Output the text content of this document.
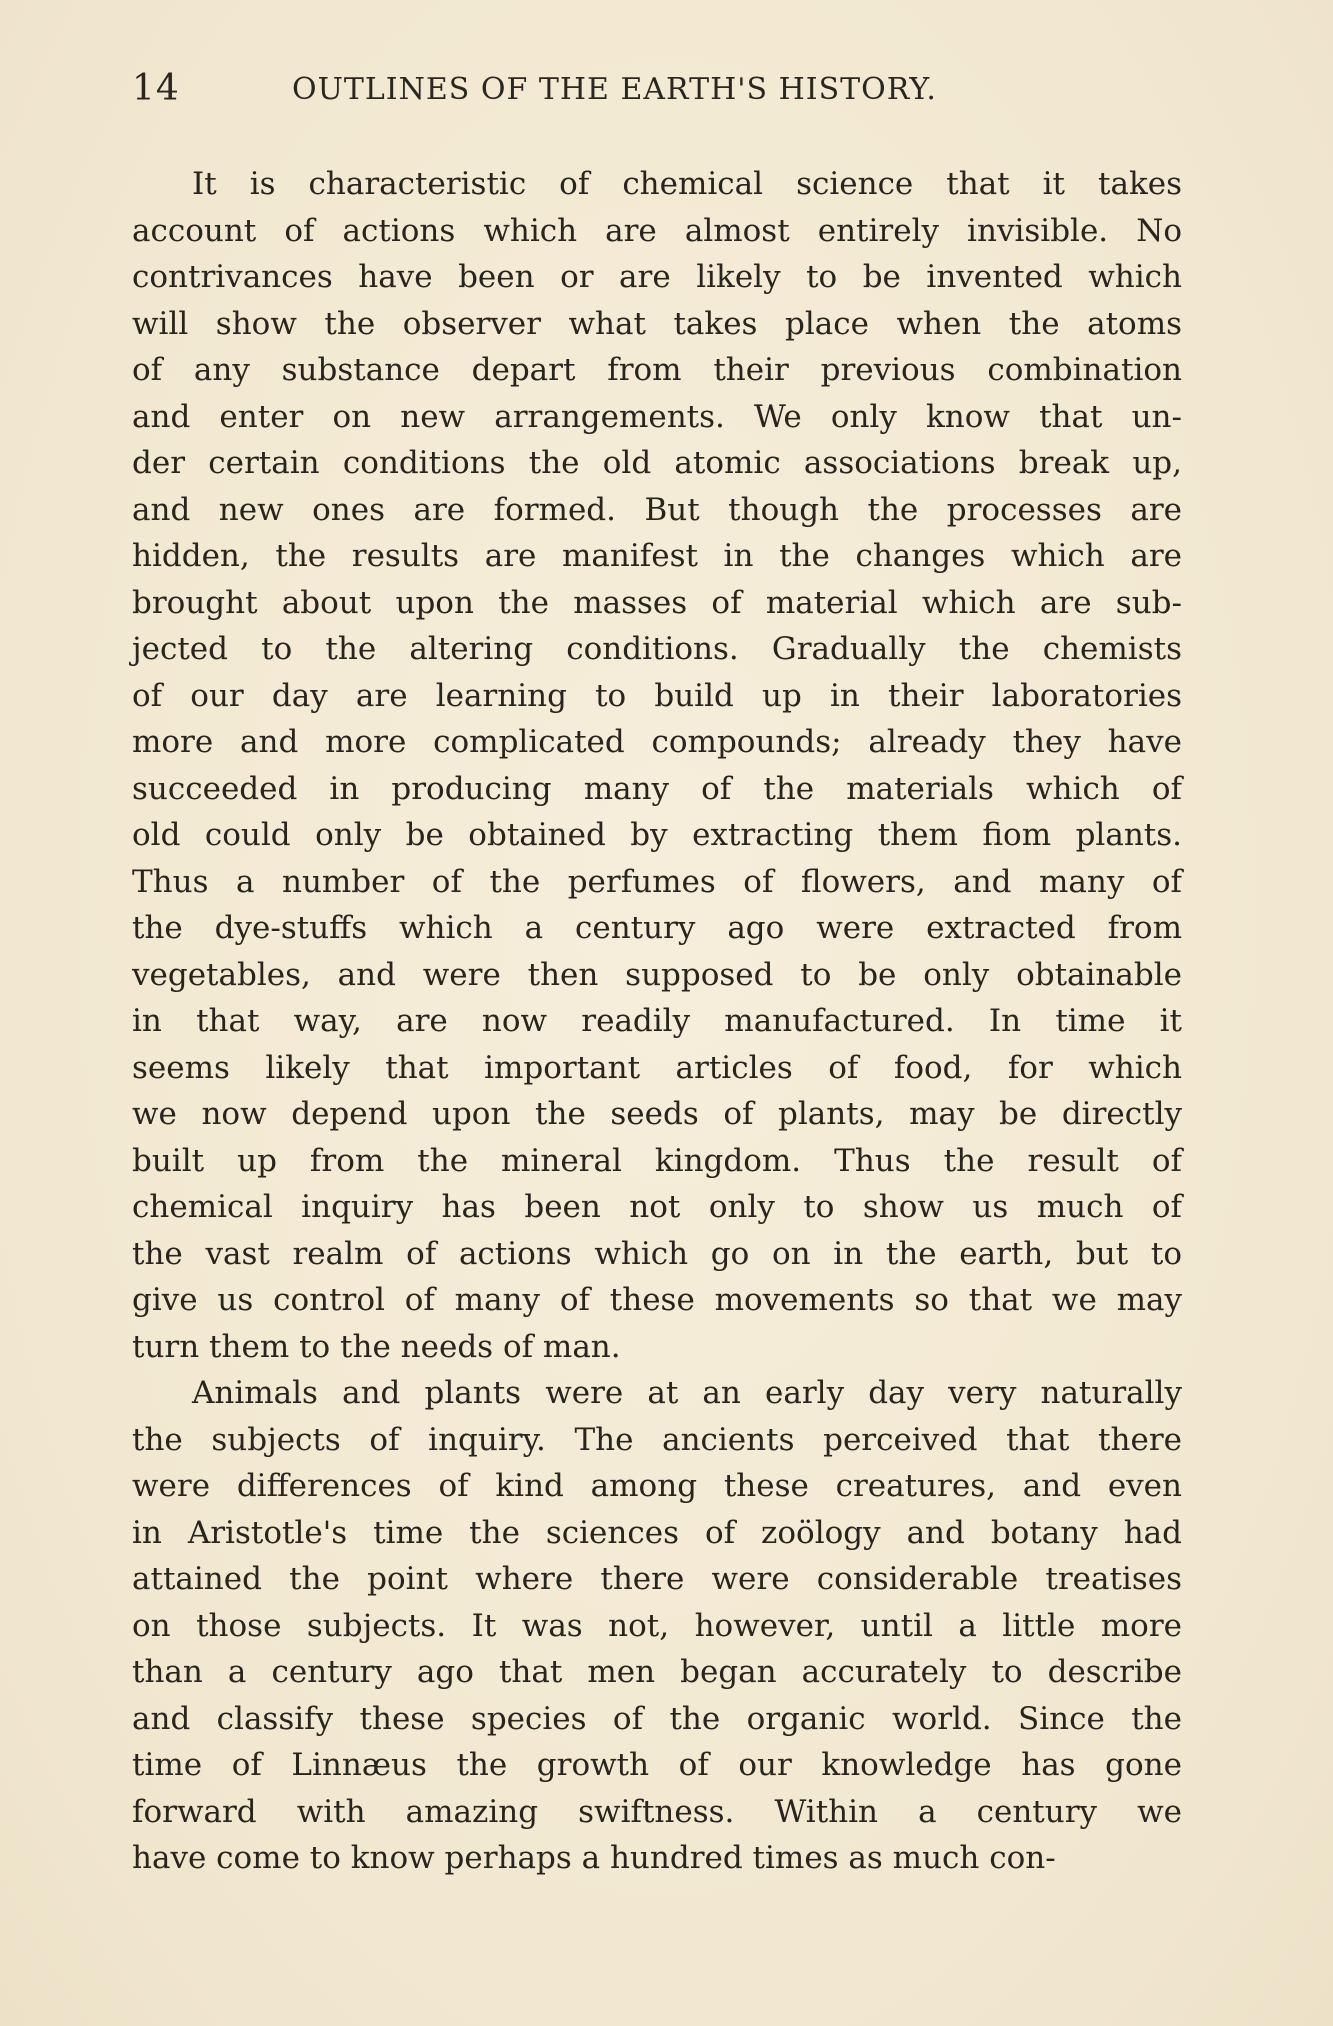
14	OUTLINES OF THE EARTH'S HISTORY.
It is characteristic of chemical science that it takes
account of actions which are almost entirely invisible. No
contrivances have been or are likely to be invented which
will show the observer what takes place when the atoms
of any substance depart from their previous combination
and enter on new arrangements. We only know that un-
der certain conditions the old atomic associations break up,
and new ones are formed. But though the processes are
hidden, the results are manifest in the changes which are
brought about upon the masses of material which are sub-
jected to the altering conditions. Gradually the chemists
of our day are learning to build up in their laboratories
more and more complicated compounds; already they have
succeeded in producing many of the materials which of
old could only be obtained by extracting them fiom plants.
Thus a number of the perfumes of flowers, and many of
the dye-stuffs which a century ago were extracted from
vegetables, and were then supposed to be only obtainable
in that way, are now readily manufactured. In time it
seems likely that important articles of food, for which
we now depend upon the seeds of plants, may be directly
built up from the mineral kingdom. Thus the result of
chemical inquiry has been not only to show us much of
the vast realm of actions which go on in the earth, but to
give us control of many of these movements so that we may
turn them to the needs of man.
Animals and plants were at an early day very naturally
the subjects of inquiry. The ancients perceived that there
were differences of kind among these creatures, and even
in Aristotle's time the sciences of zoölogy and botany had
attained the point where there were considerable treatises
on those subjects. It was not, however, until a little more
than a century ago that men began accurately to describe
and classify these species of the organic world. Since the
time of Linnæus the growth of our knowledge has gone
forward with amazing swiftness. Within a century we
have come to know perhaps a hundred times as much con-
